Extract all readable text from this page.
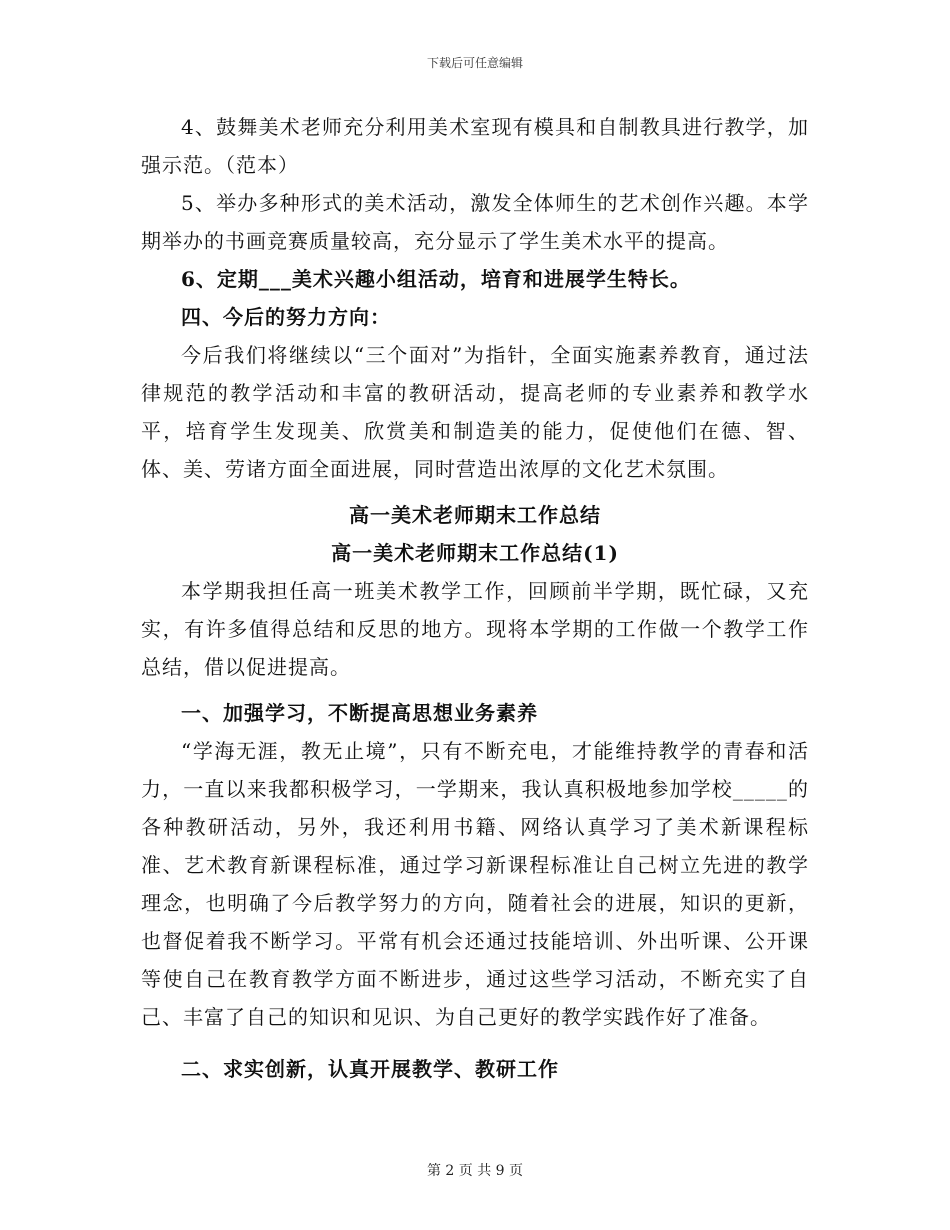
下载后可任意编辑

4、鼓舞美术老师充分利用美术室现有模具和自制教具进行教学，加强示范。（范本）

5、举办多种形式的美术活动，激发全体师生的艺术创作兴趣。本学期举办的书画竞赛质量较高，充分显示了学生美术水平的提高。

6、定期___美术兴趣小组活动，培育和进展学生特长。

四、今后的努力方向：

今后我们将继续以“三个面对”为指针，全面实施素养教育，通过法律规范的教学活动和丰富的教研活动，提高老师的专业素养和教学水平，培育学生发现美、欣赏美和制造美的能力，促使他们在德、智、体、美、劳诸方面全面进展，同时营造出浓厚的文化艺术氛围。

高一美术老师期末工作总结

高一美术老师期末工作总结(1)

本学期我担任高一班美术教学工作，回顾前半学期，既忙碌，又充实，有许多值得总结和反思的地方。现将本学期的工作做一个教学工作总结，借以促进提高。

一、加强学习，不断提高思想业务素养

“学海无涯，教无止境”，只有不断充电，才能维持教学的青春和活力，一直以来我都积极学习，一学期来，我认真积极地参加学校_____的各种教研活动，另外，我还利用书籍、网络认真学习了美术新课程标准、艺术教育新课程标准，通过学习新课程标准让自己树立先进的教学理念，也明确了今后教学努力的方向，随着社会的进展，知识的更新，也督促着我不断学习。平常有机会还通过技能培训、外出听课、公开课等使自己在教育教学方面不断进步，通过这些学习活动，不断充实了自己、丰富了自己的知识和见识、为自己更好的教学实践作好了准备。

二、求实创新，认真开展教学、教研工作

第 2 页 共 9 页
